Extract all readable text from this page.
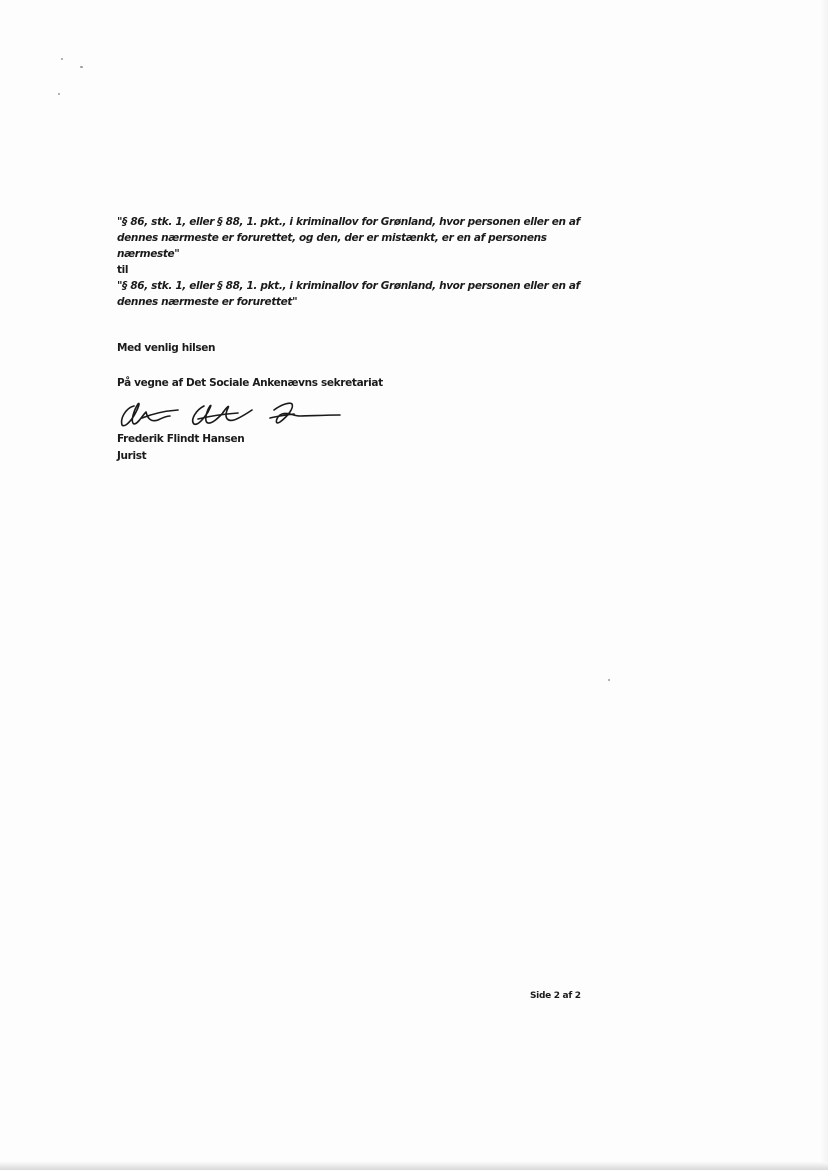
"§ 86, stk. 1, eller § 88, 1. pkt., i kriminallov for Grønland, hvor personen eller en af

dennes nærmeste er forurettet, og den, der er mistænkt, er en af personens

nærmeste"

til

"§ 86, stk. 1, eller § 88, 1. pkt., i kriminallov for Grønland, hvor personen eller en af

dennes nærmeste er forurettet"

Med venlig hilsen

På vegne af Det Sociale Ankenævns sekretariat

Frederik Flindt Hansen

Jurist

Side 2 af 2
